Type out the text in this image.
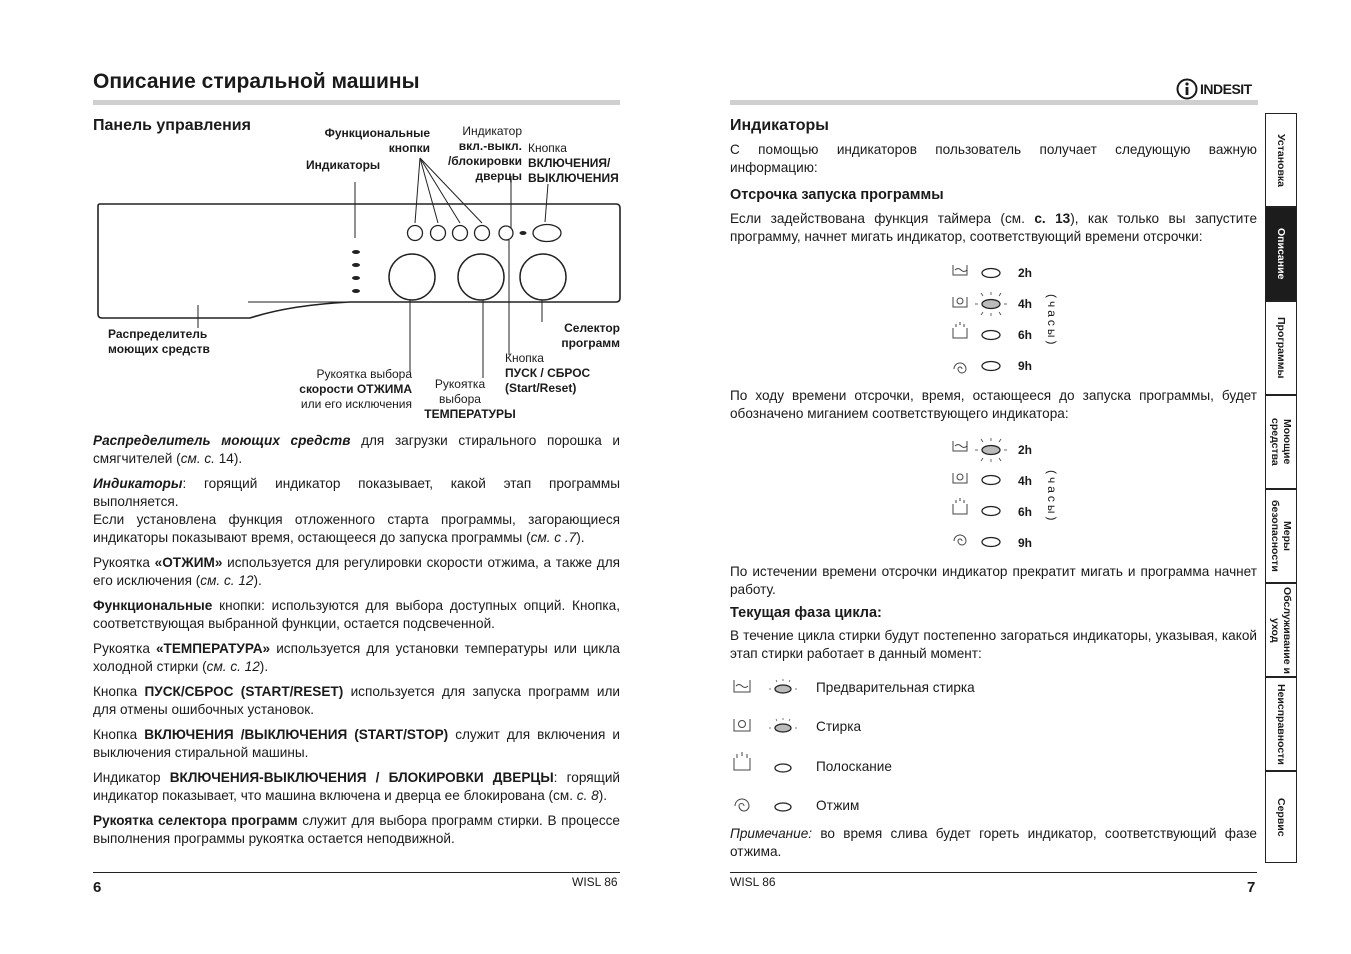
Описание стиральной машины
Панель управления	Функциональные
кнопки
Индикаторы
Индикатор
вкл.-выкл.
/блокировки
дверцы
Кнопка
ВКЛЮЧЕНИЯ/
ВЫКЛЮЧЕНИЯ
Распределитель
моющих средств
Селектор
программ
Кнопка
ПУСК / СБРОС
(Start/Reset)
Рукоятка выбора
скорости ОТЖИМА
или его исключения
Рукоятка
выбора
ТЕМПЕРАТУРЫ

Распределитель моющих средств для загрузки стирального порошка и смягчителей (см. с. 14).

Индикаторы: горящий индикатор показывает, какой этап программы выполняется.
Если установлена функция отложенного старта программы, загорающиеся индикаторы показывают время, остающееся до запуска программы (см. с .7).

Рукоятка «ОТЖИМ» используется для регулировки скорости отжима, а также для его исключения (см. с. 12).

Функциональные кнопки: используются для выбора доступных опций. Кнопка, соответствующая выбранной функции, остается подсвеченной.

Рукоятка «ТЕМПЕРАТУРА» используется для установки температуры или цикла холодной стирки (см. с. 12).

Кнопка ПУСК/СБРОС (START/RESET) используется для запуска программ или для отмены ошибочных установок.

Кнопка ВКЛЮЧЕНИЯ /ВЫКЛЮЧЕНИЯ (START/STOP) служит для включения и выключения стиральной машины.

Индикатор ВКЛЮЧЕНИЯ-ВЫКЛЮЧЕНИЯ / БЛОКИРОВКИ ДВЕРЦЫ: горящий индикатор показывает, что машина включена и дверца ее блокирована (см. с. 8).

Рукоятка селектора программ служит для выбора программ стирки. В процессе выполнения программы рукоятка остается неподвижной.

6	WISL 86
INDESIT
Индикаторы

С помощью индикаторов пользователь получает следующую важную информацию:

Отсрочка запуска программы

Если задействована функция таймера (см. с. 13), как только вы запустите программу, начнет мигать индикатор, соответствующий времени отсрочки:

2h
4h
6h
9h
(часы)

По ходу времени отсрочки, время, остающееся до запуска программы, будет обозначено миганием соответствующего индикатора:

2h
4h
6h
9h
(часы)

По истечении времени отсрочки индикатор прекратит мигать и программа начнет работу.

Текущая фаза цикла:

В течение цикла стирки будут постепенно загораться индикаторы, указывая, какой этап стирки работает в данный момент:

Предварительная стирка
Стирка
Полоскание
Отжим

Примечание: во время слива будет гореть индикатор, соответствующий фазе отжима.

WISL 86	7
Установка
Описание
Программы
Моющие средства
Меры безопасности
Обслуживание и уход
Неисправности
Сервис
